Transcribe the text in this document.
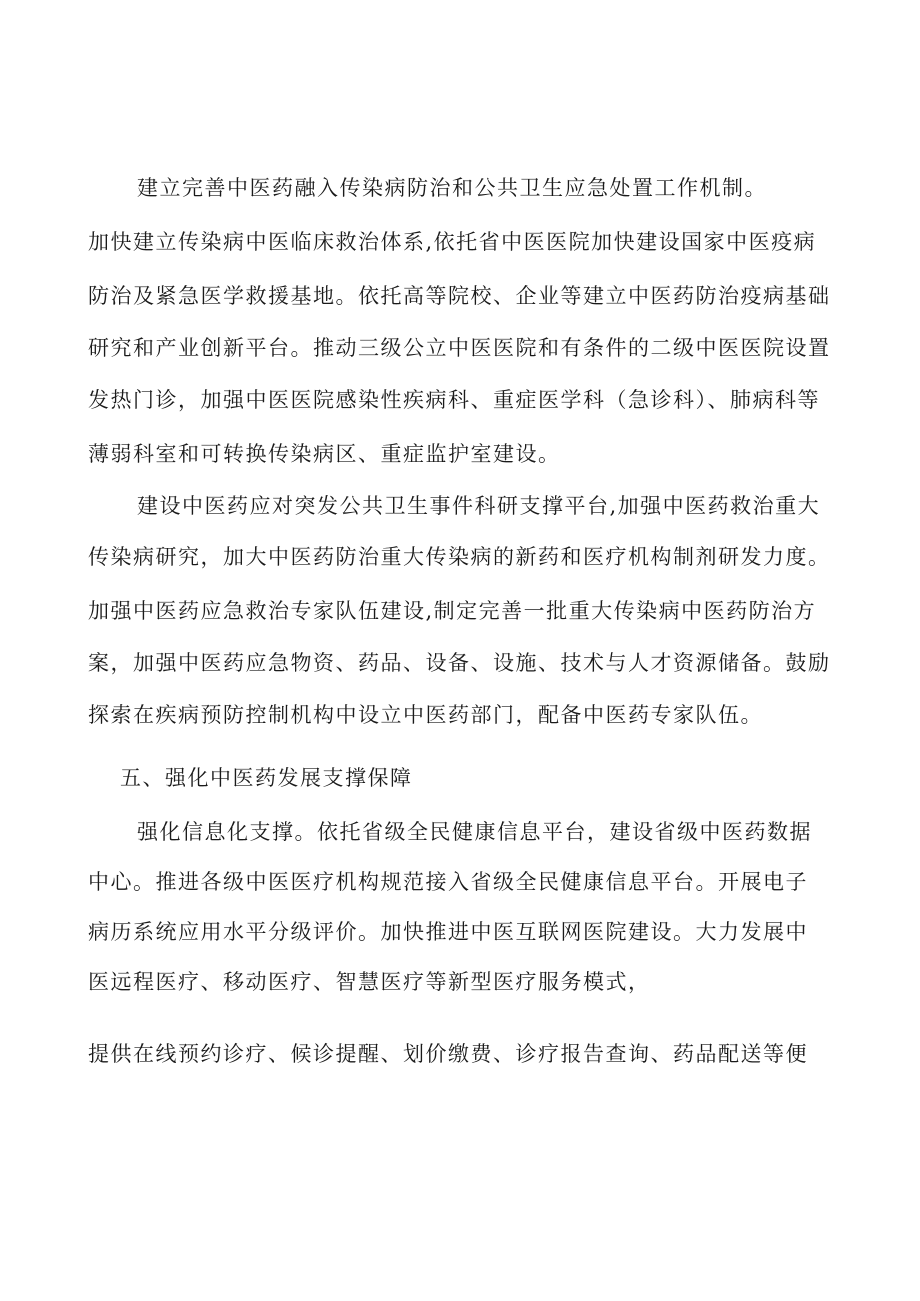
建立完善中医药融入传染病防治和公共卫生应急处置工作机制。
加快建立传染病中医临床救治体系,依托省中医医院加快建设国家中医疫病
防治及紧急医学救援基地。依托高等院校、企业等建立中医药防治疫病基础
研究和产业创新平台。推动三级公立中医医院和有条件的二级中医医院设置
发热门诊，加强中医医院感染性疾病科、重症医学科（急诊科）、肺病科等
薄弱科室和可转换传染病区、重症监护室建设。
建设中医药应对突发公共卫生事件科研支撑平台,加强中医药救治重大
传染病研究，加大中医药防治重大传染病的新药和医疗机构制剂研发力度。
加强中医药应急救治专家队伍建设,制定完善一批重大传染病中医药防治方
案，加强中医药应急物资、药品、设备、设施、技术与人才资源储备。鼓励
探索在疾病预防控制机构中设立中医药部门，配备中医药专家队伍。
五、强化中医药发展支撑保障
强化信息化支撑。依托省级全民健康信息平台，建设省级中医药数据
中心。推进各级中医医疗机构规范接入省级全民健康信息平台。开展电子
病历系统应用水平分级评价。加快推进中医互联网医院建设。大力发展中
医远程医疗、移动医疗、智慧医疗等新型医疗服务模式，
提供在线预约诊疗、候诊提醒、划价缴费、诊疗报告查询、药品配送等便
